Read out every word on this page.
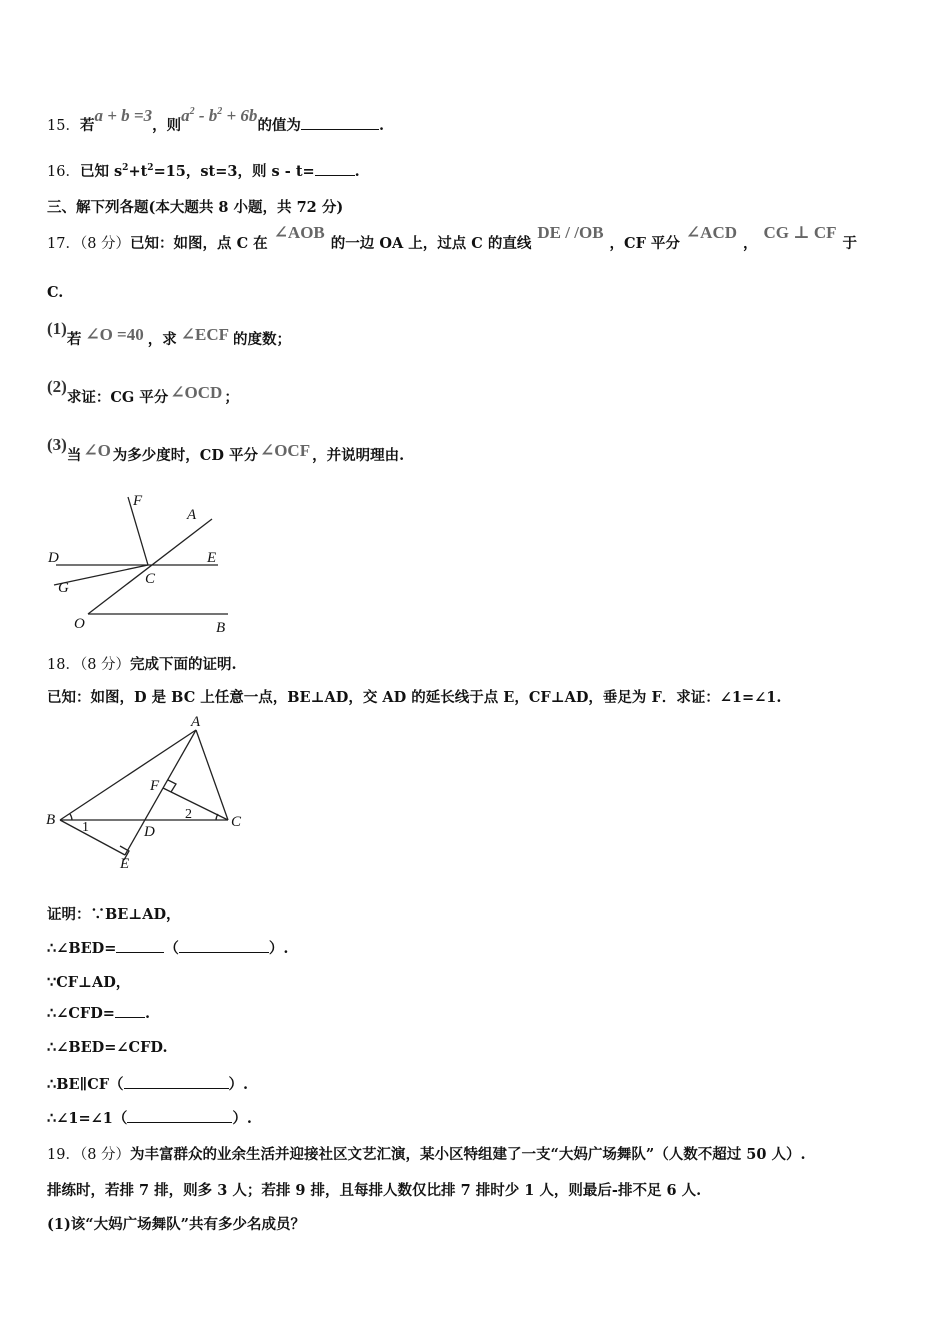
15．若a + b =3，则$a^2 - b^2 + 6b$的值为	.
16．已知 $s^2+t^2=15$，st=3，则 s - t=	.
三、解下列各题(本大题共 8 小题，共 72 分)
17．（8 分）已知：如图，点 C 在∠AOB的一边 OA 上，过点 C 的直线DE / /OB，CF 平分∠ACD，CG ⊥ CF于
C.
(1)若 ∠O =40 ，求 ∠ECF 的度数；
(2)求证：CG 平分 ∠OCD ；
(3)当 ∠O 为多少度时，CD 平分 ∠OCF ，并说明理由.
F
A
D	E
G
C
O	B
18．（8 分）完成下面的证明.
已知：如图，D 是 BC 上任意一点，BE⊥AD，交 AD 的延长线于点 E，CF⊥AD，垂足为 F．求证：∠1=∠1.
A
F
B 1	D
2	C
E
证明：∵BE⊥AD，
∴∠BED=	（	）.
∵CF⊥AD，
∴∠CFD= .
∴∠BED=∠CFD.
∴BE∥CF（	）.
∴∠1=∠1（	）.
19．（8 分）为丰富群众的业余生活并迎接社区文艺汇演，某小区特组建了一支“大妈广场舞队”（人数不超过 50 人）.
排练时，若排 7 排，则多 3 人；若排 9 排，且每排人数仅比排 7 排时少 1 人，则最后-排不足 6 人.
(1)该“大妈广场舞队”共有多少名成员？
